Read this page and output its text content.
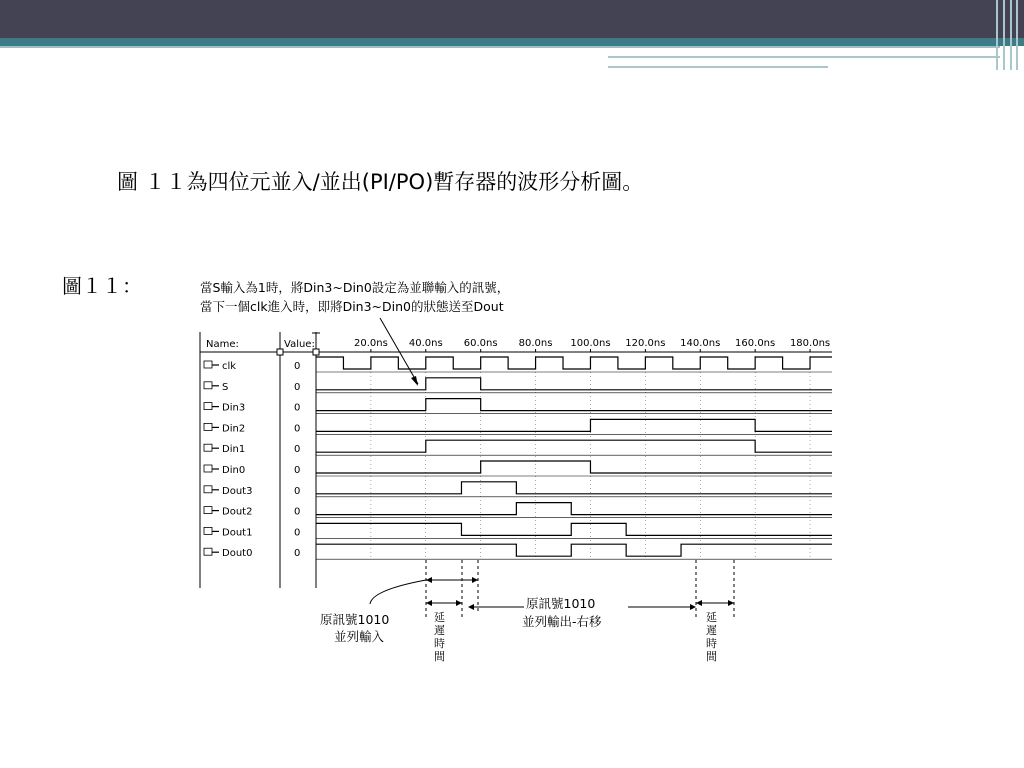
圖 １１為四位元並入/並出(PI/PO)暫存器的波形分析圖。
圖１１：	當S輸入為1時，將Din3~Din0設定為並聯輸入的訊號，
當下一個clk進入時，即將Din3~Din0的狀態送至Dout
Name:	Value:	20.0ns 40.0ns 60.0ns 80.0ns 100.0ns 120.0ns 140.0ns 160.0ns 180.0ns
clk	0
S	0
Din3	0
Din2	0
Din1	0
Din0	0
Dout3	0
Dout2	0
Dout1	0
Dout0	0
原訊號1010
並列輸入
原訊號1010
並列輸出-右移
延
遲
時
間
延
遲
時
間
